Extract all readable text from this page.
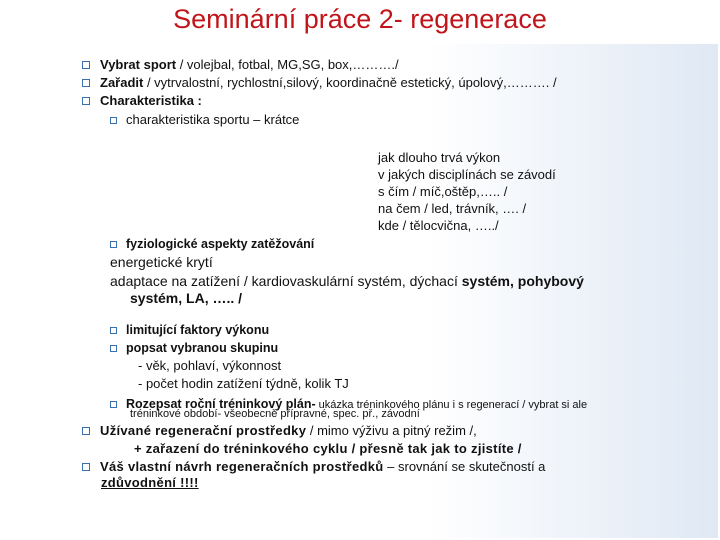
Seminární práce 2- regenerace
Vybrat sport / volejbal, fotbal, MG,SG, box,………./
Zařadit / vytrvalostní, rychlostní,silový, koordinačně estetický, úpolový,………. /
Charakteristika :
charakteristika sportu – krátce
jak dlouho trvá výkon
v jakých disciplínách se závodí
s čím / míč,oštěp,….. /
na čem / led, trávník, …. /
kde / tělocvična, …../
fyziologické aspekty zatěžování
energetické krytí
adaptace na zatížení / kardiovaskulární systém, dýchací systém, pohybový
systém, LA, ….. /
limitující faktory výkonu
popsat vybranou skupinu
- věk, pohlaví, výkonnost
- počet hodin zatížení týdně, kolik TJ
Rozepsat roční tréninkový plán- ukázka tréninkového plánu i s regenerací / vybrat si ale
tréninkové období- všeobecně přípravné, spec. př., závodní
Užívané regenerační prostředky / mimo výživu a pitný režim /,
+ zařazení do tréninkového cyklu / přesně tak jak to zjistíte /
Váš vlastní návrh regeneračních prostředků – srovnání se skutečností a
zdůvodnění !!!!
